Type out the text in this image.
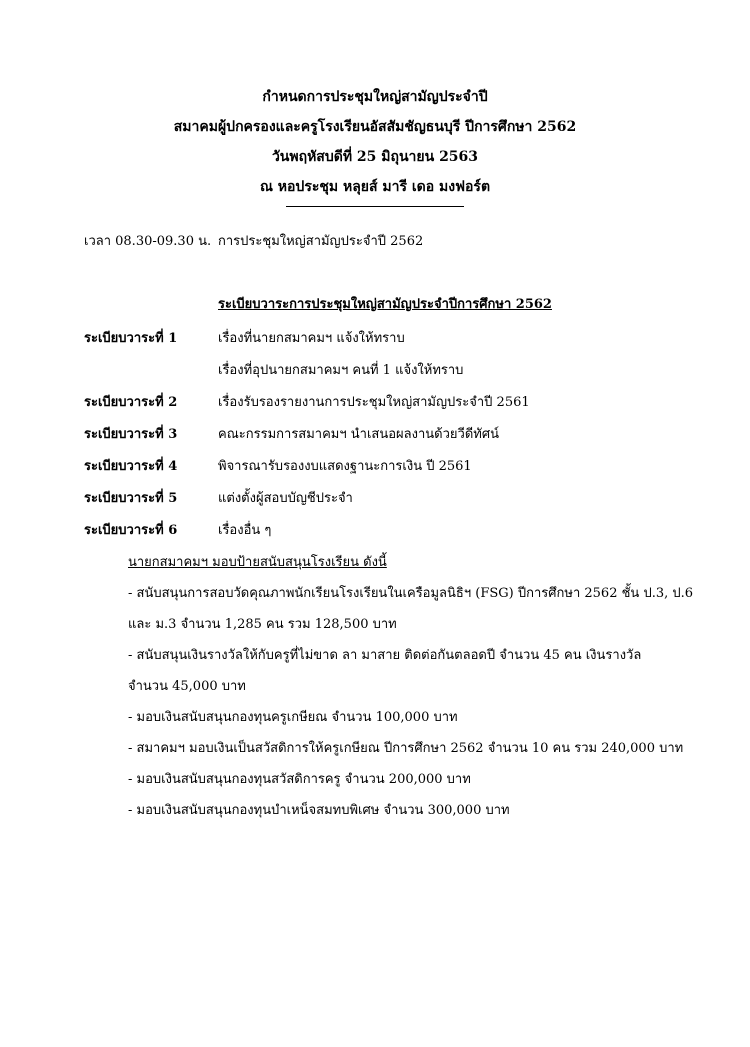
กำหนดการประชุมใหญ่สามัญประจำปี
สมาคมผู้ปกครองและครูโรงเรียนอัสสัมชัญธนบุรี ปีการศึกษา 2562
วันพฤหัสบดีที่ 25 มิถุนายน 2563
ณ หอประชุม หลุยส์ มารี เดอ มงฟอร์ต
เวลา 08.30-09.30 น. การประชุมใหญ่สามัญประจำปี 2562
ระเบียบวาระการประชุมใหญ่สามัญประจำปีการศึกษา 2562
ระเบียบวาระที่ 1	เรื่องที่นายกสมาคมฯ แจ้งให้ทราบ
เรื่องที่อุปนายกสมาคมฯ คนที่ 1 แจ้งให้ทราบ
ระเบียบวาระที่ 2	เรื่องรับรองรายงานการประชุมใหญ่สามัญประจำปี 2561
ระเบียบวาระที่ 3	คณะกรรมการสมาคมฯ นำเสนอผลงานด้วยวีดีทัศน์
ระเบียบวาระที่ 4	พิจารณารับรองงบแสดงฐานะการเงิน ปี 2561
ระเบียบวาระที่ 5	แต่งตั้งผู้สอบบัญชีประจำ
ระเบียบวาระที่ 6	เรื่องอื่น ๆ
นายกสมาคมฯ มอบป้ายสนับสนุนโรงเรียน ดังนี้
- สนับสนุนการสอบวัดคุณภาพนักเรียนโรงเรียนในเครือมูลนิธิฯ (FSG) ปีการศึกษา 2562 ชั้น ป.3, ป.6
และ ม.3 จำนวน 1,285 คน รวม 128,500 บาท
- สนับสนุนเงินรางวัลให้กับครูที่ไม่ขาด ลา มาสาย ติดต่อกันตลอดปี จำนวน 45 คน เงินรางวัล
จำนวน 45,000 บาท
- มอบเงินสนับสนุนกองทุนครูเกษียณ จำนวน 100,000 บาท
- สมาคมฯ มอบเงินเป็นสวัสดิการให้ครูเกษียณ ปีการศึกษา 2562 จำนวน 10 คน รวม 240,000 บาท
- มอบเงินสนับสนุนกองทุนสวัสดิการครู จำนวน 200,000 บาท
- มอบเงินสนับสนุนกองทุนบำเหน็จสมทบพิเศษ จำนวน 300,000 บาท
